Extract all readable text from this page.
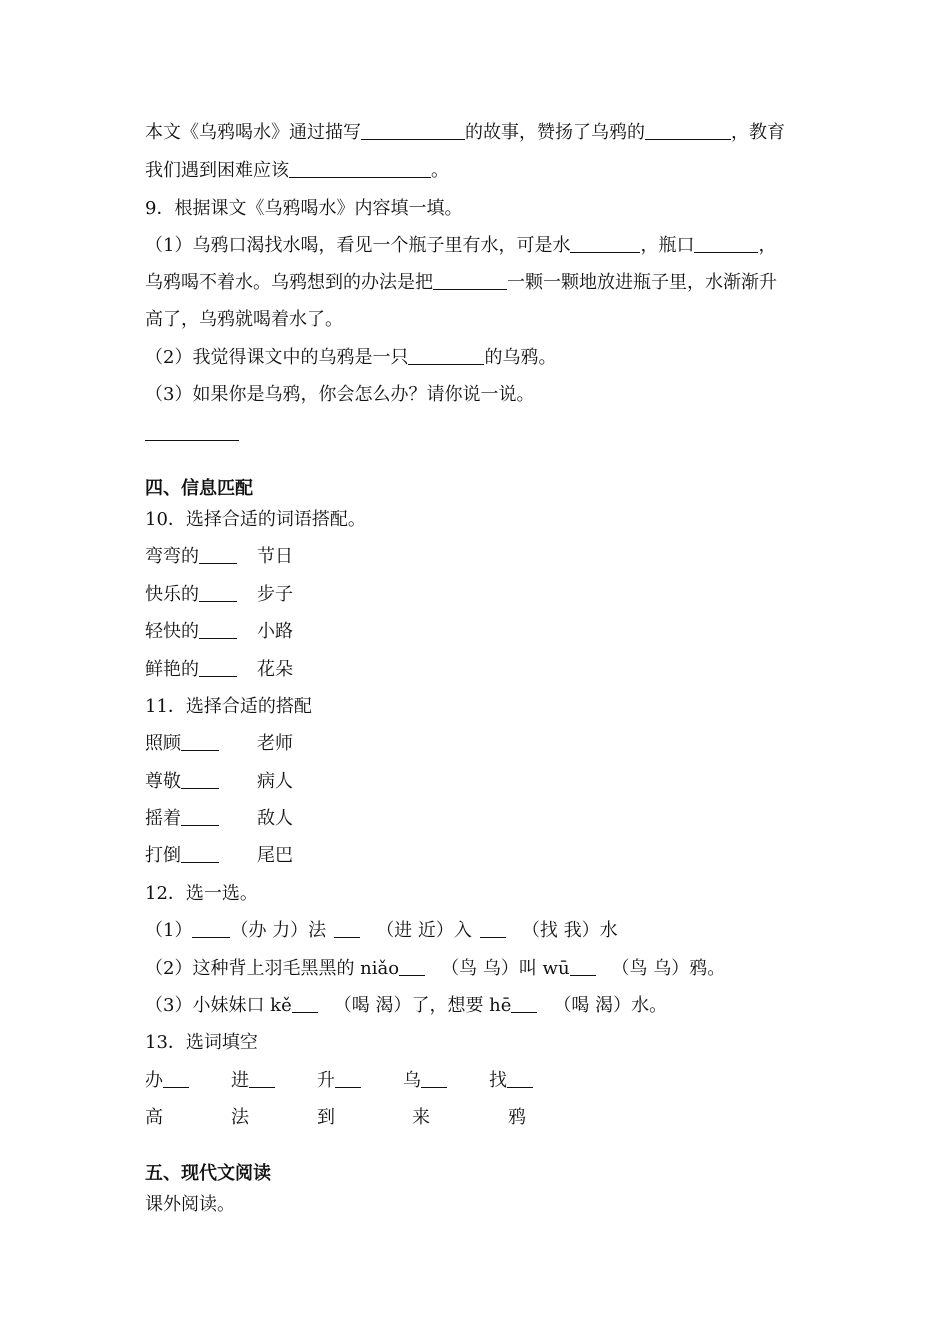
本文《乌鸦喝水》通过描写	的故事，赞扬了乌鸦的	，教育
我们遇到困难应该	。
9．根据课文《乌鸦喝水》内容填一填。
（1）乌鸦口渴找水喝，看见一个瓶子里有水，可是水	，瓶口	，
乌鸦喝不着水。乌鸦想到的办法是把	一颗一颗地放进瓶子里，水渐渐升
高了，乌鸦就喝着水了。
（2）我觉得课文中的乌鸦是一只	的乌鸦。
（3）如果你是乌鸦，你会怎么办？请你说一说。
四、信息匹配
10．选择合适的词语搭配。
弯弯的	节日
快乐的	步子
轻快的	小路
鲜艳的	花朵
11．选择合适的搭配
照顾	老师
尊敬	病人
摇着	敌人
打倒	尾巴
12．选一选。
（1） （办 力）法	（进 近）入	（找 我）水
（2）这种背上羽毛黑黑的 niǎo （鸟 乌）叫 wū （鸟 乌）鸦。
（3）小妹妹口 kě （喝 渴）了，想要 hē （喝 渴）水。
13．选词填空
办	进	升	乌	找
高	法	到	来	鸦
五、现代文阅读
课外阅读。
